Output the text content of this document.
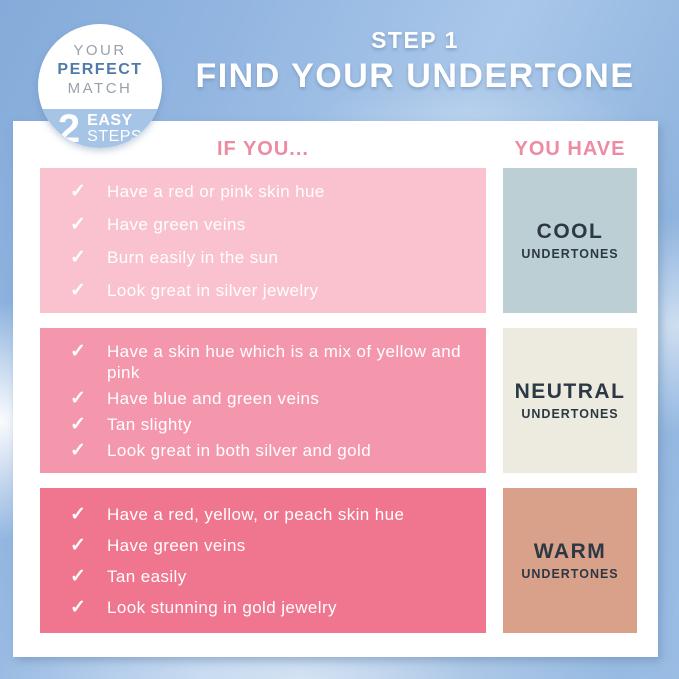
YOUR
PERFECT
MATCH
2 EASY
STEPS
STEP 1
FIND YOUR UNDERTONE
IF YOU...	YOU HAVE
✓ Have a red or pink skin hue
✓ Have green veins
✓ Burn easily in the sun
✓ Look great in silver jewelry
COOL
UNDERTONES
✓ Have a skin hue which is a mix of yellow and pink
✓ Have blue and green veins
✓ Tan slighty
✓ Look great in both silver and gold
NEUTRAL
UNDERTONES
✓ Have a red, yellow, or peach skin hue
✓ Have green veins
✓ Tan easily
✓ Look stunning in gold jewelry
WARM
UNDERTONES
